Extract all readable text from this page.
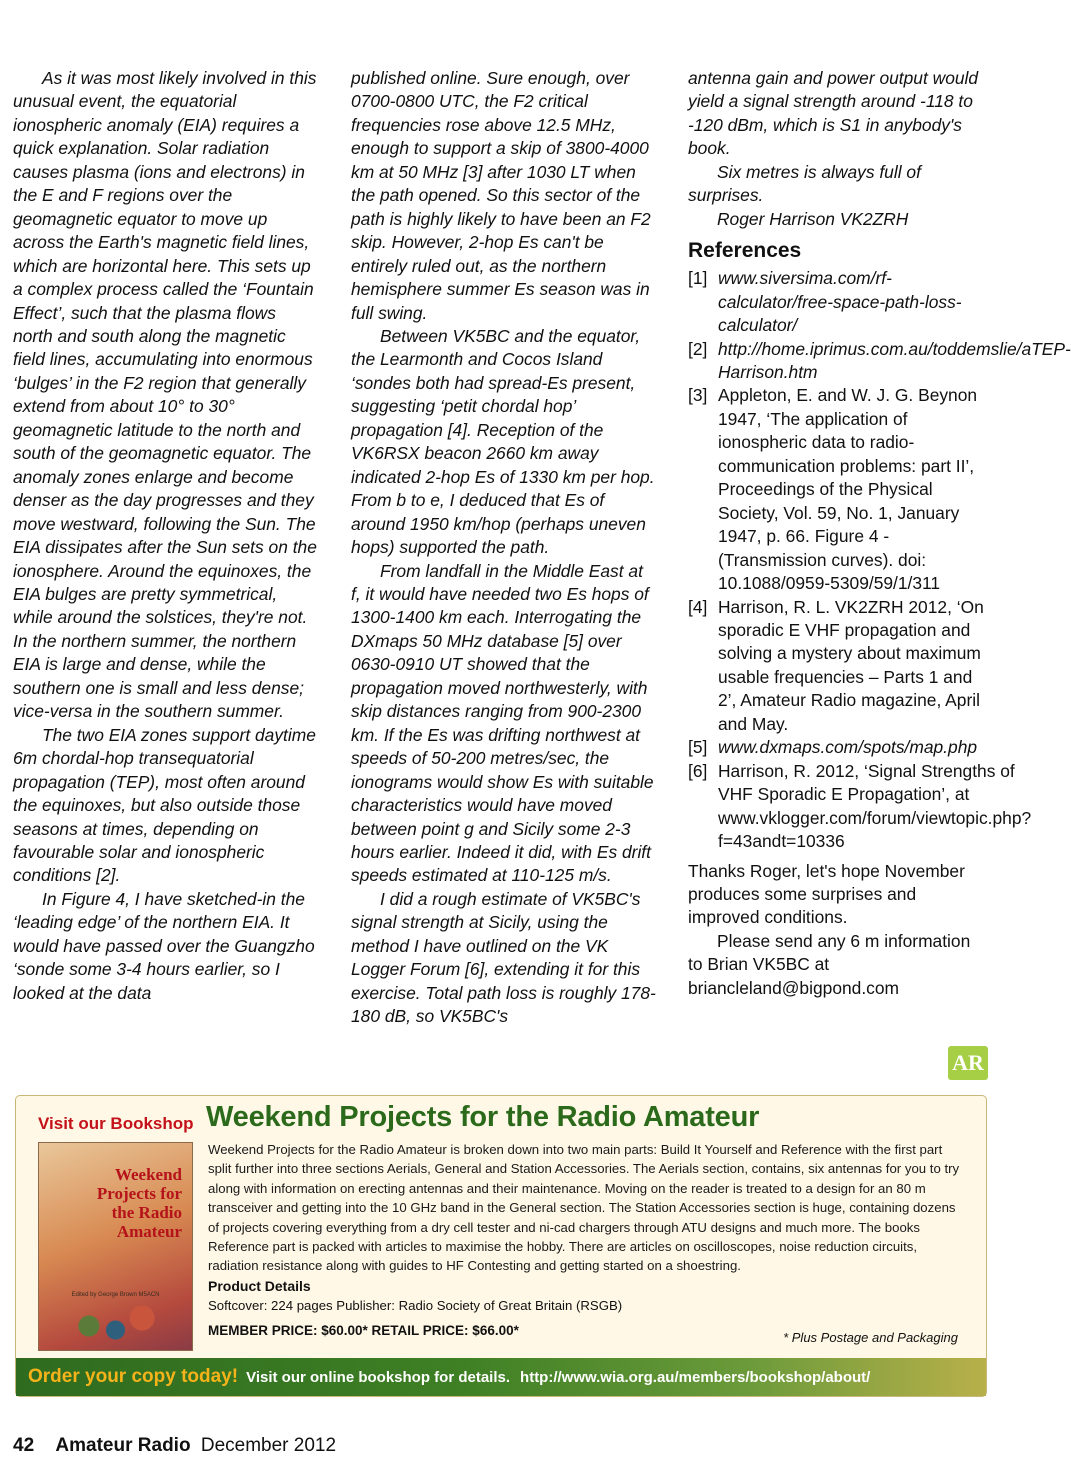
As it was most likely involved in this unusual event, the equatorial ionospheric anomaly (EIA) requires a quick explanation. Solar radiation causes plasma (ions and electrons) in the E and F regions over the geomagnetic equator to move up across the Earth's magnetic field lines, which are horizontal here. This sets up a complex process called the ‘Fountain Effect’, such that the plasma flows north and south along the magnetic field lines, accumulating into enormous ‘bulges’ in the F2 region that generally extend from about 10° to 30° geomagnetic latitude to the north and south of the geomagnetic equator. The anomaly zones enlarge and become denser as the day progresses and they move westward, following the Sun. The EIA dissipates after the Sun sets on the ionosphere. Around the equinoxes, the EIA bulges are pretty symmetrical, while around the solstices, they're not. In the northern summer, the northern EIA is large and dense, while the southern one is small and less dense; vice-versa in the southern summer.

The two EIA zones support daytime 6m chordal-hop transequatorial propagation (TEP), most often around the equinoxes, but also outside those seasons at times, depending on favourable solar and ionospheric conditions [2].

In Figure 4, I have sketched-in the ‘leading edge’ of the northern EIA. It would have passed over the Guangzho ‘sonde some 3-4 hours earlier, so I looked at the data

published online. Sure enough, over 0700-0800 UTC, the F2 critical frequencies rose above 12.5 MHz, enough to support a skip of 3800-4000 km at 50 MHz [3] after 1030 LT when the path opened. So this sector of the path is highly likely to have been an F2 skip. However, 2-hop Es can't be entirely ruled out, as the northern hemisphere summer Es season was in full swing.

Between VK5BC and the equator, the Learmonth and Cocos Island ‘sondes both had spread-Es present, suggesting ‘petit chordal hop’ propagation [4]. Reception of the VK6RSX beacon 2660 km away indicated 2-hop Es of 1330 km per hop. From b to e, I deduced that Es of around 1950 km/hop (perhaps uneven hops) supported the path.

From landfall in the Middle East at f, it would have needed two Es hops of 1300-1400 km each. Interrogating the DXmaps 50 MHz database [5] over 0630-0910 UT showed that the propagation moved northwesterly, with skip distances ranging from 900-2300 km. If the Es was drifting northwest at speeds of 50-200 metres/sec, the ionograms would show Es with suitable characteristics would have moved between point g and Sicily some 2-3 hours earlier. Indeed it did, with Es drift speeds estimated at 110-125 m/s.

I did a rough estimate of VK5BC's signal strength at Sicily, using the method I have outlined on the VK Logger Forum [6], extending it for this exercise. Total path loss is roughly 178-180 dB, so VK5BC's

antenna gain and power output would yield a signal strength around -118 to -120 dBm, which is S1 in anybody's book.

Six metres is always full of surprises.

Roger Harrison VK2ZRH

References
[1] www.siversima.com/rf-calculator/free-space-path-loss-calculator/
[2] http://home.iprimus.com.au/toddemslie/aTEP-Harrison.htm
[3] Appleton, E. and W. J. G. Beynon 1947, ‘The application of ionospheric data to radio-communication problems: part II’, Proceedings of the Physical Society, Vol. 59, No. 1, January 1947, p. 66. Figure 4 - (Transmission curves). doi: 10.1088/0959-5309/59/1/311
[4] Harrison, R. L. VK2ZRH 2012, ‘On sporadic E VHF propagation and solving a mystery about maximum usable frequencies – Parts 1 and 2’, Amateur Radio magazine, April and May.
[5] www.dxmaps.com/spots/map.php
[6] Harrison, R. 2012, ‘Signal Strengths of VHF Sporadic E Propagation’, at www.vklogger.com/forum/viewtopic.php?f=43andt=10336

Thanks Roger, let's hope November produces some surprises and improved conditions.

Please send any 6 m information to Brian VK5BC at briancleland@bigpond.com

AR
Visit our Bookshop
Weekend Projects for the Radio Amateur
Edited by George Brown M5ACN
Weekend Projects for the Radio Amateur
Weekend Projects for the Radio Amateur is broken down into two main parts: Build It Yourself and Reference with the first part split further into three sections Aerials, General and Station Accessories. The Aerials section, contains, six antennas for you to try along with information on erecting antennas and their maintenance. Moving on the reader is treated to a design for an 80 m transceiver and getting into the 10 GHz band in the General section. The Station Accessories section is huge, containing dozens of projects covering everything from a dry cell tester and ni-cad chargers through ATU designs and much more. The books Reference part is packed with articles to maximise the hobby. There are articles on oscilloscopes, noise reduction circuits, radiation resistance along with guides to HF Contesting and getting started on a shoestring.
Product Details
Softcover: 224 pages Publisher: Radio Society of Great Britain (RSGB)
MEMBER PRICE: $60.00* RETAIL PRICE: $66.00*	* Plus Postage and Packaging
Order your copy today! Visit our online bookshop for details. http://www.wia.org.au/members/bookshop/about/
42 Amateur Radio December 2012
